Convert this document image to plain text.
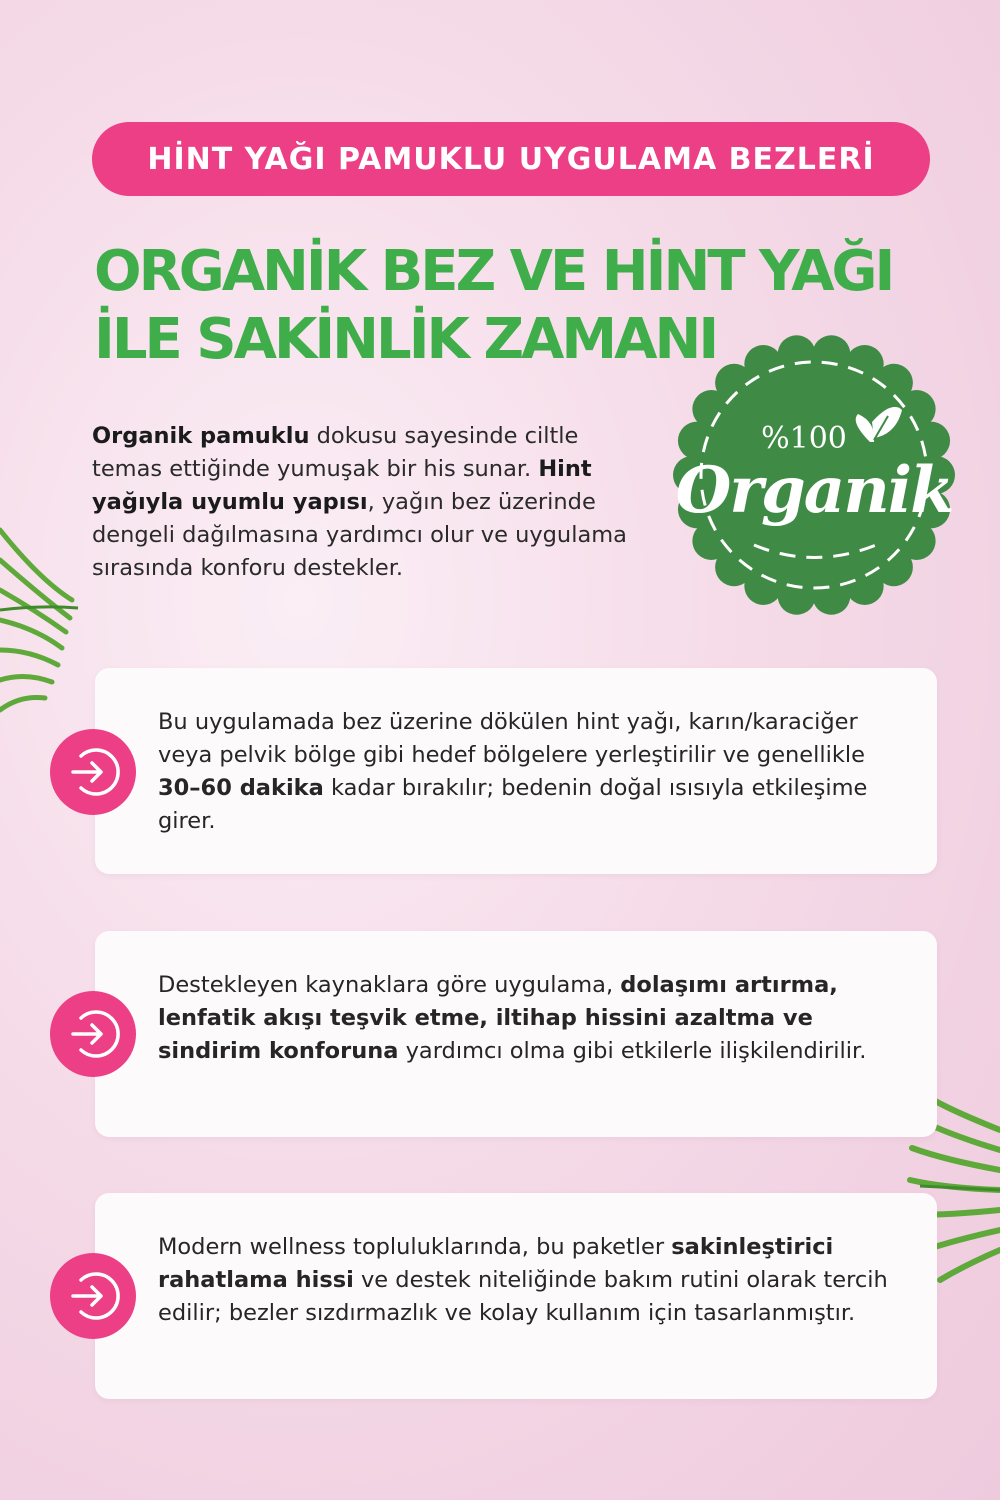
HİNT YAĞI PAMUKLU UYGULAMA BEZLERİ
ORGANİK BEZ VE HİNT YAĞI
İLE SAKİNLİK ZAMANI
Organik pamuklu dokusu sayesinde ciltle temas ettiğinde yumuşak bir his sunar. Hint yağıyla uyumlu yapısı, yağın bez üzerinde dengeli dağılmasına yardımcı olur ve uygulama sırasında konforu destekler.
%100
Organik
Bu uygulamada bez üzerine dökülen hint yağı, karın/karaciğer veya pelvik bölge gibi hedef bölgelere yerleştirilir ve genellikle 30–60 dakika kadar bırakılır; bedenin doğal ısısıyla etkileşime girer.
Destekleyen kaynaklara göre uygulama, dolaşımı artırma, lenfatik akışı teşvik etme, iltihap hissini azaltma ve sindirim konforuna yardımcı olma gibi etkilerle ilişkilendirilir.
Modern wellness topluluklarında, bu paketler sakinleştirici rahatlama hissi ve destek niteliğinde bakım rutini olarak tercih edilir; bezler sızdırmazlık ve kolay kullanım için tasarlanmıştır.
